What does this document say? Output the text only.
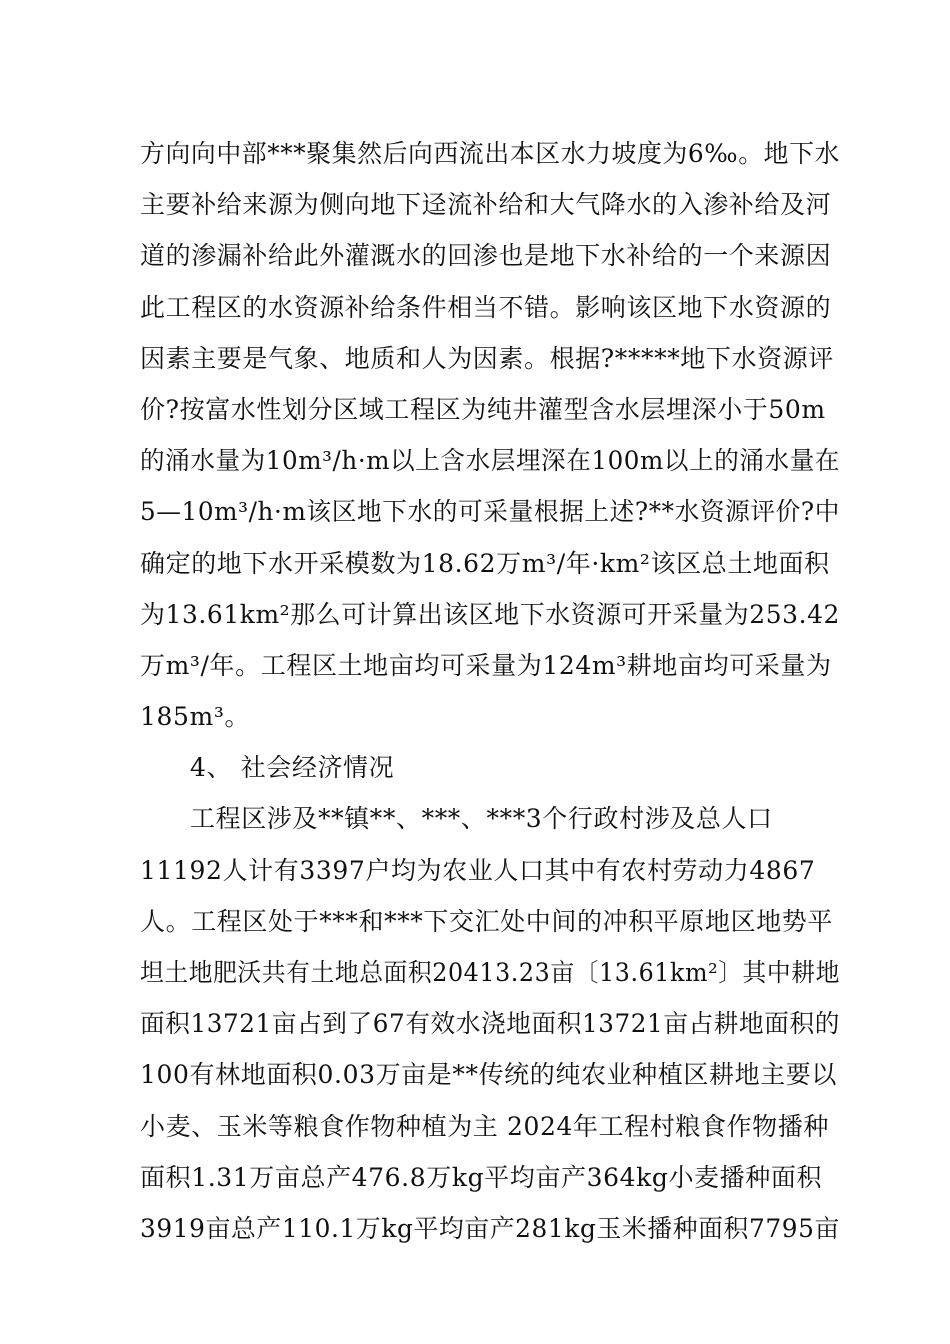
方向向中部***聚集然后向西流出本区水力坡度为6‰。地下水
主要补给来源为侧向地下迳流补给和大气降水的入渗补给及河
道的渗漏补给此外灌溉水的回渗也是地下水补给的一个来源因
此工程区的水资源补给条件相当不错。影响该区地下水资源的
因素主要是气象、地质和人为因素。根据?*****地下水资源评
价?按富水性划分区域工程区为纯井灌型含水层埋深小于50m
的涌水量为10m³/h·m以上含水层埋深在100m以上的涌水量在
5—10m³/h·m该区地下水的可采量根据上述?**水资源评价?中
确定的地下水开采模数为18.62万m³/年·km²该区总土地面积
为13.61km²那么可计算出该区地下水资源可开采量为253.42
万m³/年。工程区土地亩均可采量为124m³耕地亩均可采量为
185m³。
4、 社会经济情况
工程区涉及**镇**、***、***3个行政村涉及总人口
11192人计有3397户均为农业人口其中有农村劳动力4867
人。工程区处于***和***下交汇处中间的冲积平原地区地势平
坦土地肥沃共有土地总面积20413.23亩〔13.61km²〕其中耕地
面积13721亩占到了67有效水浇地面积13721亩占耕地面积的
100有林地面积0.03万亩是**传统的纯农业种植区耕地主要以
小麦、玉米等粮食作物种植为主 2024年工程村粮食作物播种
面积1.31万亩总产476.8万kg平均亩产364kg小麦播种面积
3919亩总产110.1万kg平均亩产281kg玉米播种面积7795亩
